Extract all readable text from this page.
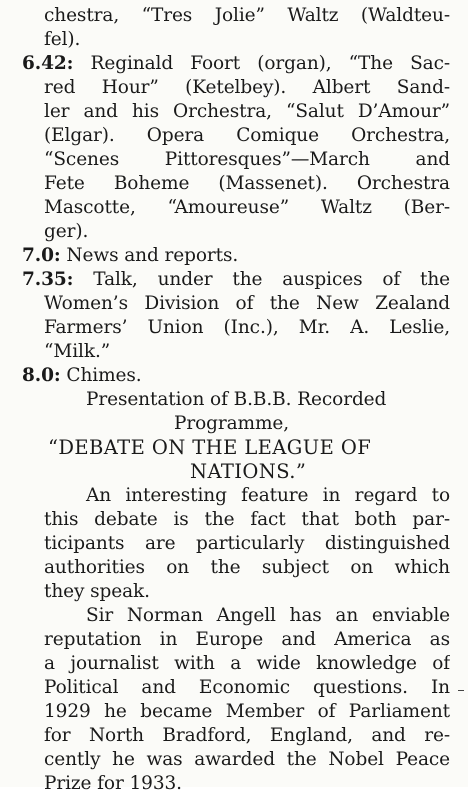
chestra, “Tres Jolie” Waltz (Waldteu-
fel).
6.42: Reginald Foort (organ), “The Sac-
red Hour” (Ketelbey). Albert Sand-
ler and his Orchestra, “Salut D’Amour”
(Elgar). Opera Comique Orchestra,
“Scenes Pittoresques”—March and
Fete Boheme (Massenet). Orchestra
Mascotte, “Amoureuse” Waltz (Ber-
ger).
7.0: News and reports.
7.35: Talk, under the auspices of the
Women’s Division of the New Zealand
Farmers’ Union (Inc.), Mr. A. Leslie,
“Milk.”
8.0: Chimes.
Presentation of B.B.B. Recorded
Programme,
“DEBATE ON THE LEAGUE OF
NATIONS.”
An interesting feature in regard to
this debate is the fact that both par-
ticipants are particularly distinguished
authorities on the subject on which
they speak.
Sir Norman Angell has an enviable
reputation in Europe and America as
a journalist with a wide knowledge of
Political and Economic questions. In
1929 he became Member of Parliament
for North Bradford, England, and re-
cently he was awarded the Nobel Peace
Prize for 1933.
